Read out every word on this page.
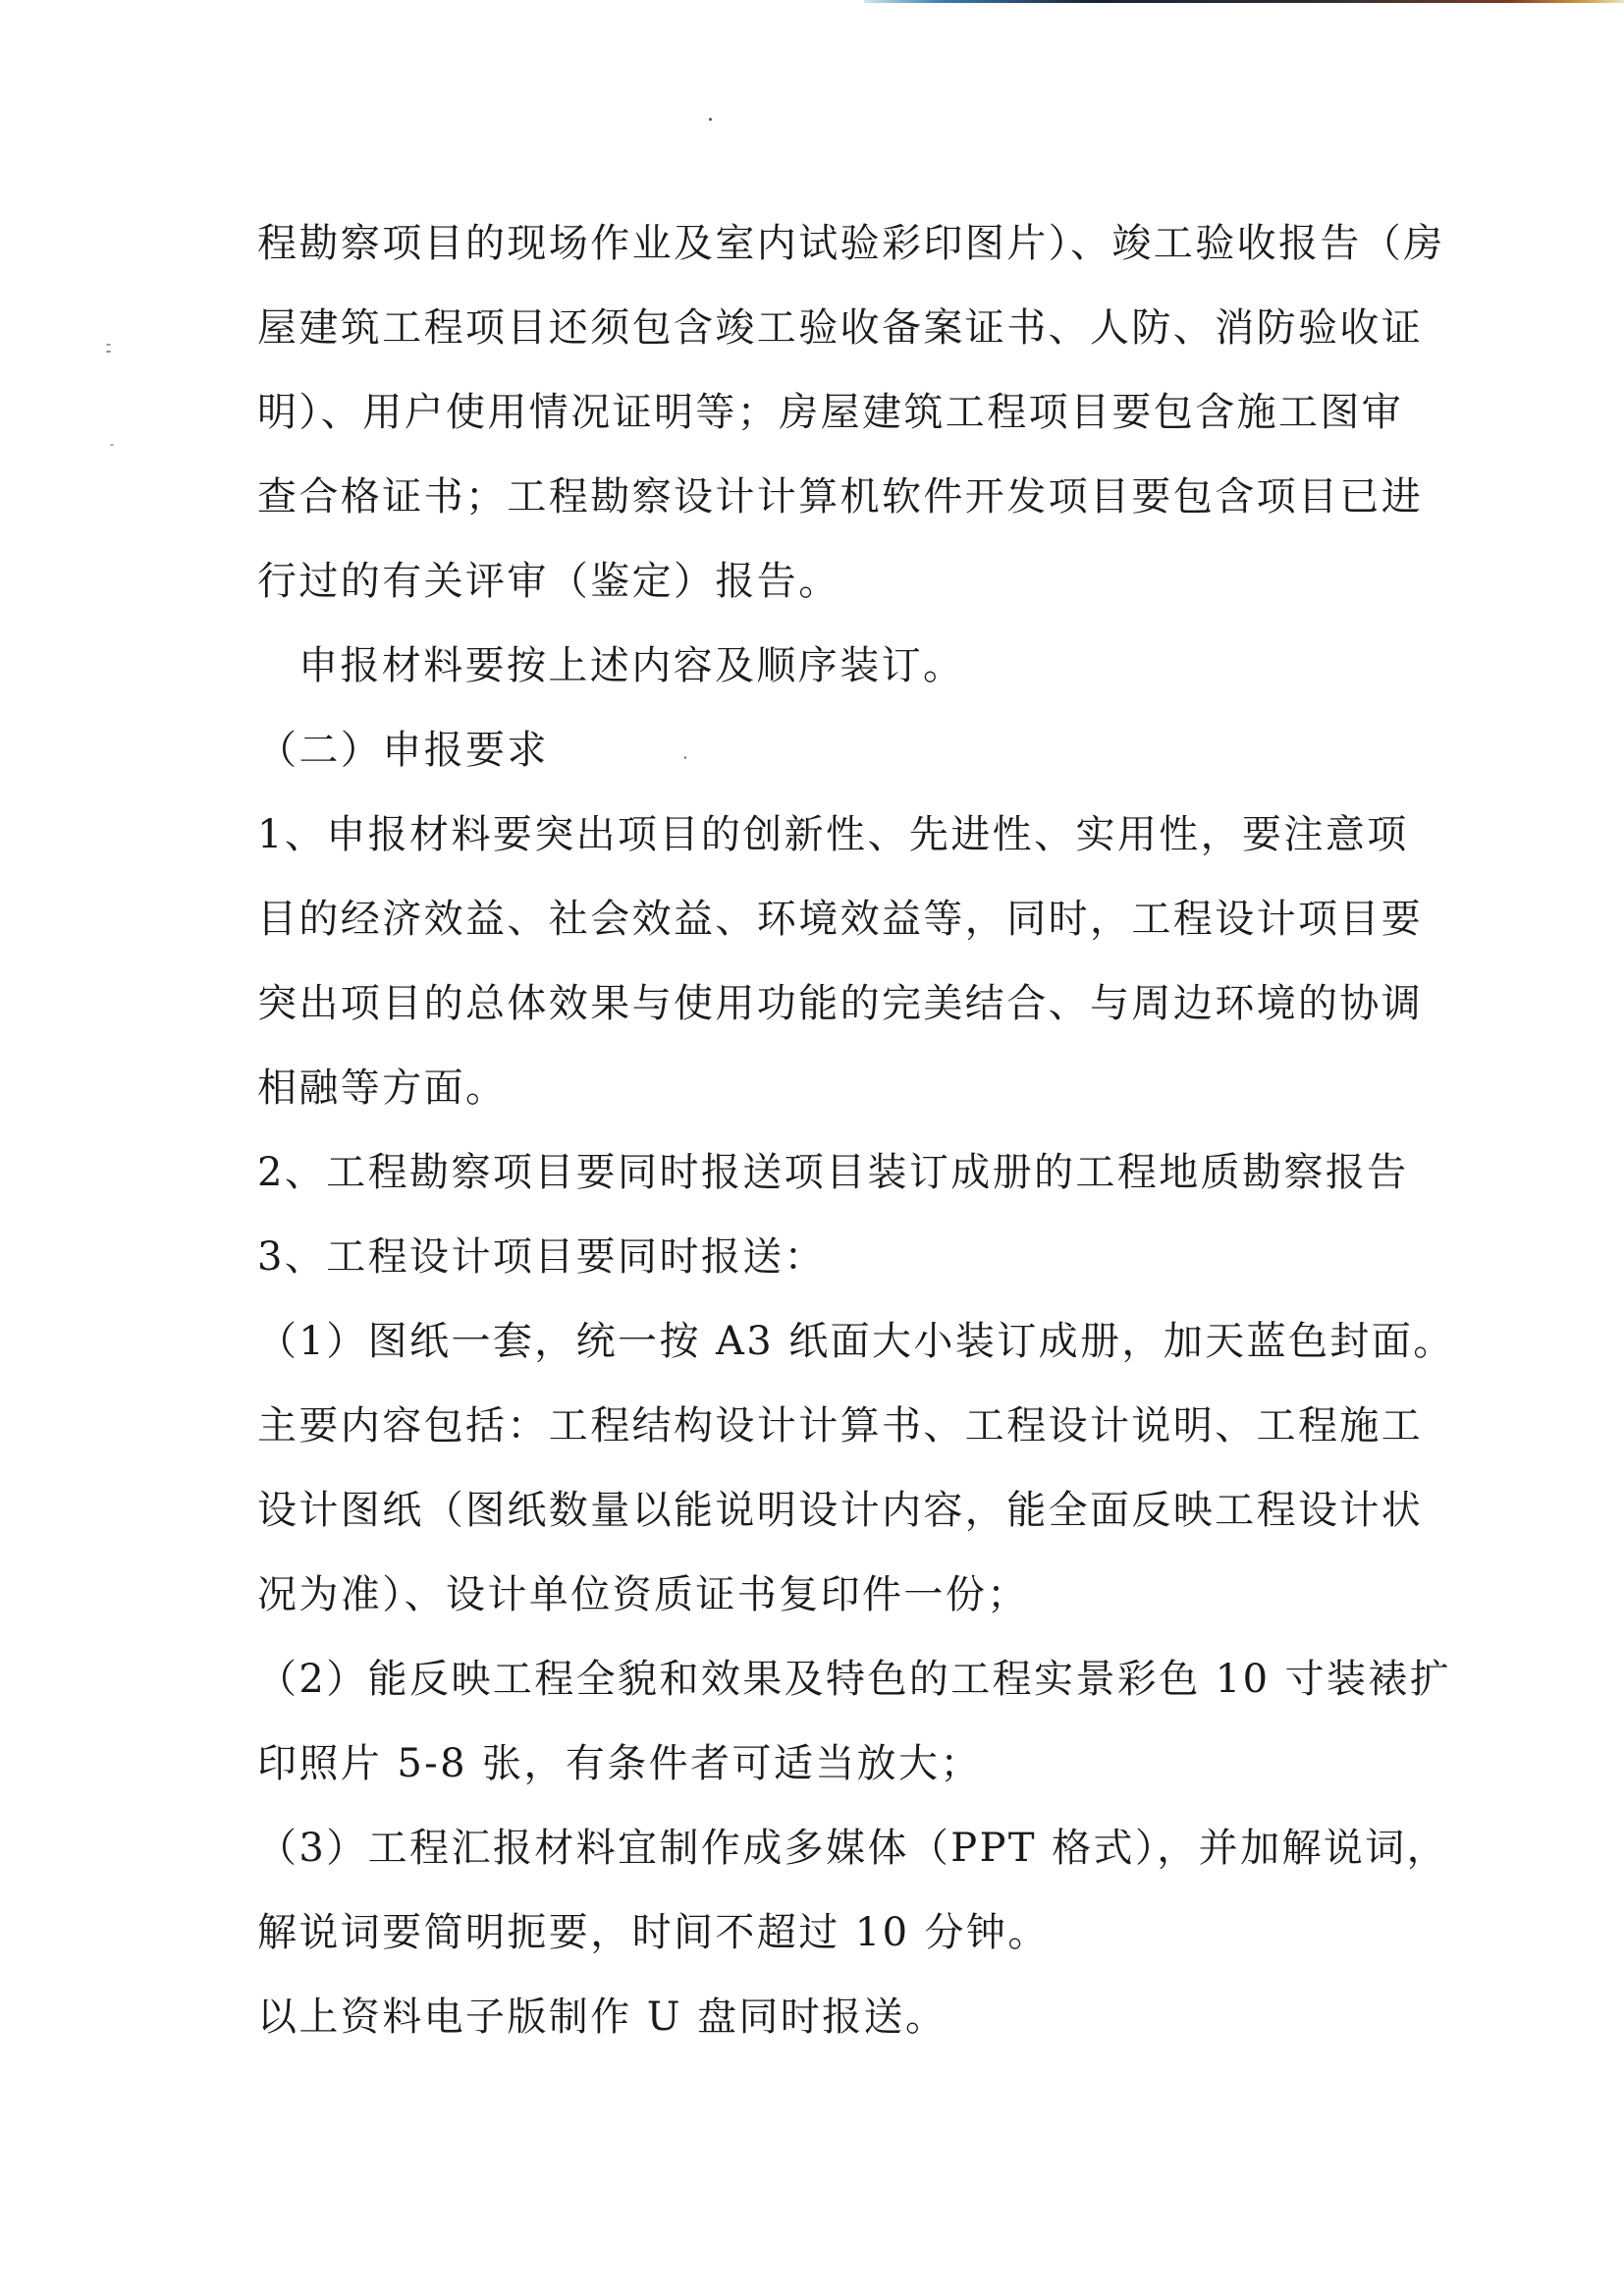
程勘察项目的现场作业及室内试验彩印图片）、竣工验收报告（房
屋建筑工程项目还须包含竣工验收备案证书、人防、消防验收证
明）、用户使用情况证明等；房屋建筑工程项目要包含施工图审
查合格证书；工程勘察设计计算机软件开发项目要包含项目已进
行过的有关评审（鉴定）报告。
申报材料要按上述内容及顺序装订。
（二）申报要求
1、申报材料要突出项目的创新性、先进性、实用性，要注意项
目的经济效益、社会效益、环境效益等，同时，工程设计项目要
突出项目的总体效果与使用功能的完美结合、与周边环境的协调
相融等方面。
2、工程勘察项目要同时报送项目装订成册的工程地质勘察报告
3、工程设计项目要同时报送：
（1）图纸一套，统一按 A3 纸面大小装订成册，加天蓝色封面。
主要内容包括：工程结构设计计算书、工程设计说明、工程施工
设计图纸（图纸数量以能说明设计内容，能全面反映工程设计状
况为准）、设计单位资质证书复印件一份；
（2）能反映工程全貌和效果及特色的工程实景彩色 10 寸装裱扩
印照片 5-8 张，有条件者可适当放大；
（3）工程汇报材料宜制作成多媒体（PPT 格式），并加解说词，
解说词要简明扼要，时间不超过 10 分钟。
以上资料电子版制作 U 盘同时报送。
